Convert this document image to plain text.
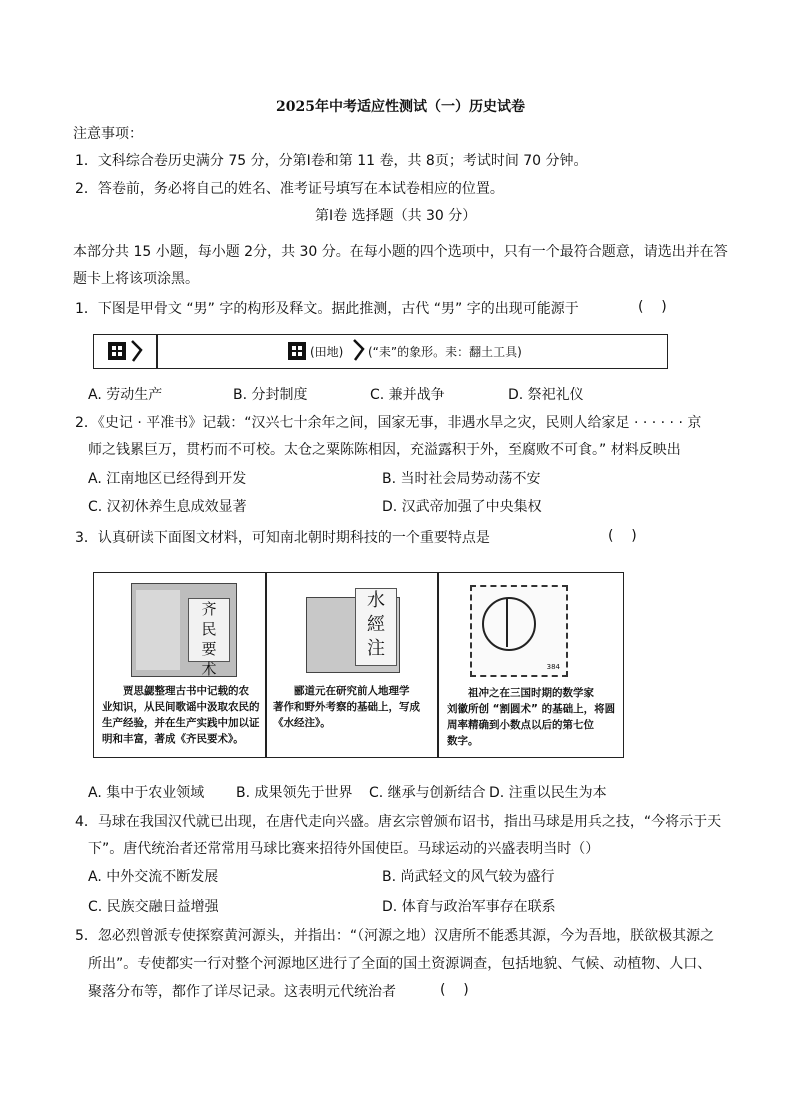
2025年中考适应性测试（一）历史试卷
注意事项：
1．文科综合卷历史满分 75 分，分第Ⅰ卷和第 11 卷，共 8页；考试时间 70 分钟。
2．答卷前，务必将自己的姓名、准考证号填写在本试卷相应的位置。
第Ⅰ卷 选择题（共 30 分）
本部分共 15 小题，每小题 2分，共 30 分。在每小题的四个选项中，只有一个最符合题意，请选出并在答
题卡上将该项涂黑。
1．下图是甲骨文 “男” 字的构形及释文。据此推测，古代 “男” 字的出现可能源于	(    )
(田地) (“耒”的象形。耒：翻土工具)
A. 劳动生产	B. 分封制度	C. 兼并战争	D. 祭祀礼仪
2．《史记 · 平准书》记载：“汉兴七十余年之间，国家无事，非遇水旱之灾，民则人给家足 · · · · · · 京
师之钱累巨万，贯朽而不可校。太仓之粟陈陈相因，充溢露积于外，至腐败不可食。” 材料反映出
A. 江南地区已经得到开发	B. 当时社会局势动荡不安
C. 汉初休养生息成效显著	D. 汉武帝加强了中央集权
3．认真研读下面图文材料，可知南北朝时期科技的一个重要特点是	(    )
齐
民
要
术
贾思勰整理古书中记载的农
业知识，从民间歌谣中汲取农民的
生产经验，并在生产实践中加以证
明和丰富，著成《齐民要术》。
水
經
注
郦道元在研究前人地理学
著作和野外考察的基础上，写成
《水经注》。
384
祖冲之在三国时期的数学家
刘徽所创 “割圆术” 的基础上，将圆
周率精确到小数点以后的第七位
数字。
A. 集中于农业领域 B. 成果领先于世界 C. 继承与创新结合 D. 注重以民生为本
4．马球在我国汉代就已出现，在唐代走向兴盛。唐玄宗曾颁布诏书，指出马球是用兵之技，“今将示于天
下”。唐代统治者还常常用马球比赛来招待外国使臣。马球运动的兴盛表明当时（）
A. 中外交流不断发展	B. 尚武轻文的风气较为盛行
C. 民族交融日益增强	D. 体育与政治军事存在联系
5．忽必烈曾派专使探察黄河源头，并指出：“（河源之地）汉唐所不能悉其源，今为吾地，朕欲极其源之
所出”。专使都实一行对整个河源地区进行了全面的国土资源调查，包括地貌、气候、动植物、人口、
聚落分布等，都作了详尽记录。这表明元代统治者	(    )
